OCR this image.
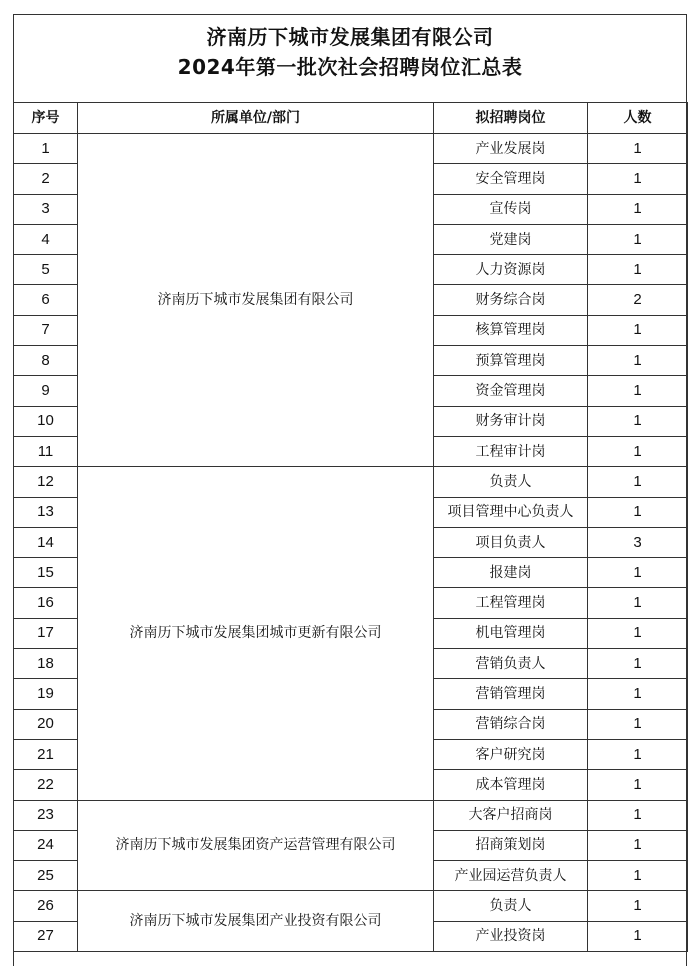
济南历下城市发展集团有限公司
2024年第一批次社会招聘岗位汇总表
序号	所属单位/部门	拟招聘岗位	人数
1	济南历下城市发展集团有限公司	产业发展岗	1
2		安全管理岗	1
3		宣传岗	1
4		党建岗	1
5		人力资源岗	1
6		财务综合岗	2
7		核算管理岗	1
8		预算管理岗	1
9		资金管理岗	1
10		财务审计岗	1
11		工程审计岗	1
12	济南历下城市发展集团城市更新有限公司	负责人	1
13		项目管理中心负责人	1
14		项目负责人	3
15		报建岗	1
16		工程管理岗	1
17		机电管理岗	1
18		营销负责人	1
19		营销管理岗	1
20		营销综合岗	1
21		客户研究岗	1
22		成本管理岗	1
23	济南历下城市发展集团资产运营管理有限公司	大客户招商岗	1
24		招商策划岗	1
25		产业园运营负责人	1
26	济南历下城市发展集团产业投资有限公司	负责人	1
27		产业投资岗	1
